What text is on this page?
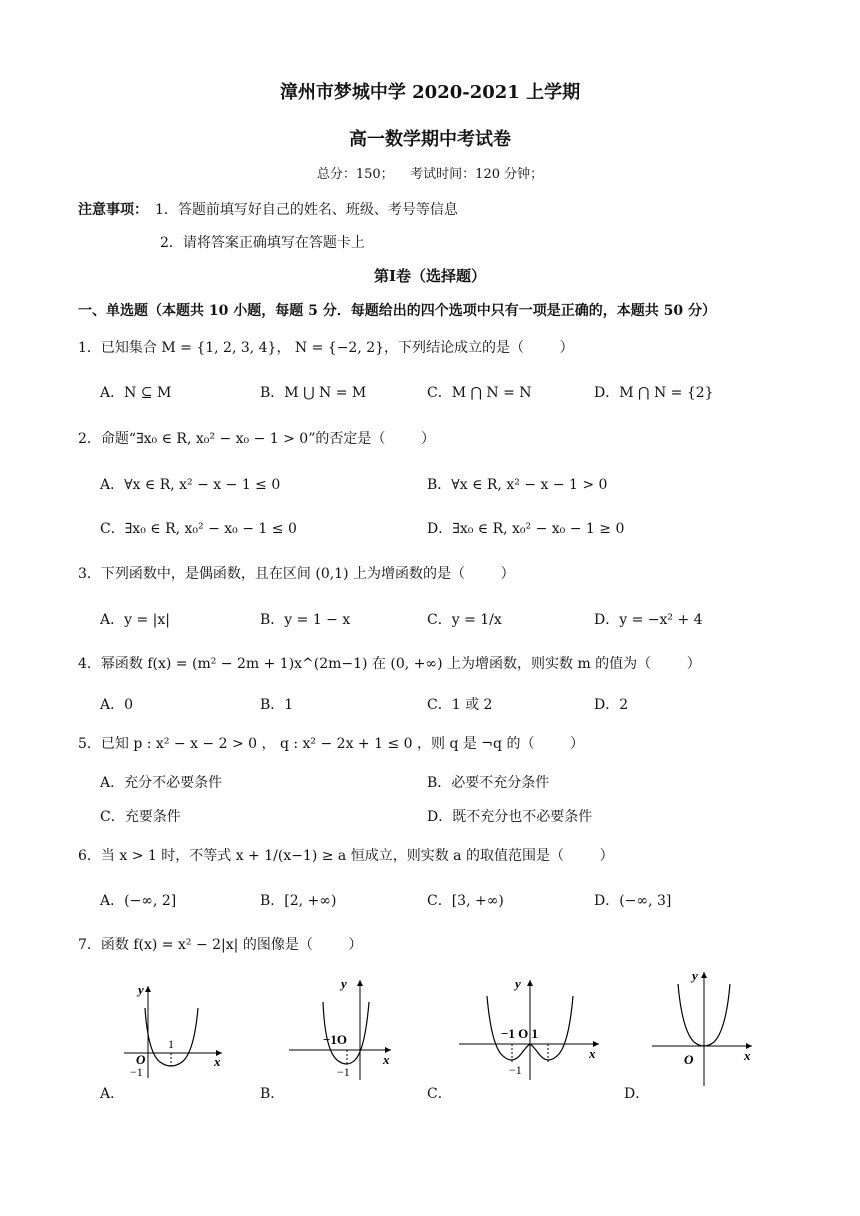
漳州市梦城中学 2020-2021 上学期
高一数学期中考试卷
总分：150；    考试时间：120 分钟；
注意事项： 1．答题前填写好自己的姓名、班级、考号等信息
2．请将答案正确填写在答题卡上
第Ⅰ卷（选择题）
一、单选题（本题共 10 小题，每题 5 分．每题给出的四个选项中只有一项是正确的，本题共 50 分）
1．已知集合 M = {1, 2, 3, 4}， N = {−2, 2}，下列结论成立的是（        ）
A．N ⊆ M	B．M ⋃ N = M	C．M ⋂ N = N	D．M ⋂ N = {2}
2．命题“∃x₀ ∈ R, x₀² − x₀ − 1 > 0”的否定是（        ）
A．∀x ∈ R, x² − x − 1 ≤ 0	B．∀x ∈ R, x² − x − 1 > 0
C．∃x₀ ∈ R, x₀² − x₀ − 1 ≤ 0	D．∃x₀ ∈ R, x₀² − x₀ − 1 ≥ 0
3．下列函数中，是偶函数，且在区间 (0,1) 上为增函数的是（        ）
A．y = |x|	B．y = 1 − x	C．y = 1/x	D．y = −x² + 4
4．幂函数 f(x) = (m² − 2m + 1)x^(2m−1) 在 (0, +∞) 上为增函数，则实数 m 的值为（        ）
A．0	B．1	C．1 或 2	D．2
5．已知 p : x² − x − 2 > 0 ， q : x² − 2x + 1 ≤ 0 ，则 q 是 ¬q 的（        ）
A．充分不必要条件	B．必要不充分条件
C．充要条件	D．既不充分也不必要条件
6．当 x > 1 时，不等式 x + 1/(x−1) ≥ a 恒成立，则实数 a 的取值范围是（        ）
A．(−∞, 2]	B．[2, +∞)	C．[3, +∞)	D．(−∞, 3]
7．函数 f(x) = x² − 2|x| 的图像是（        ）
A．
y
x
O
1
−1
B．
y
x
−1O
−1
C．
y
x
−1 O 1
−1
D．
y
x
O
